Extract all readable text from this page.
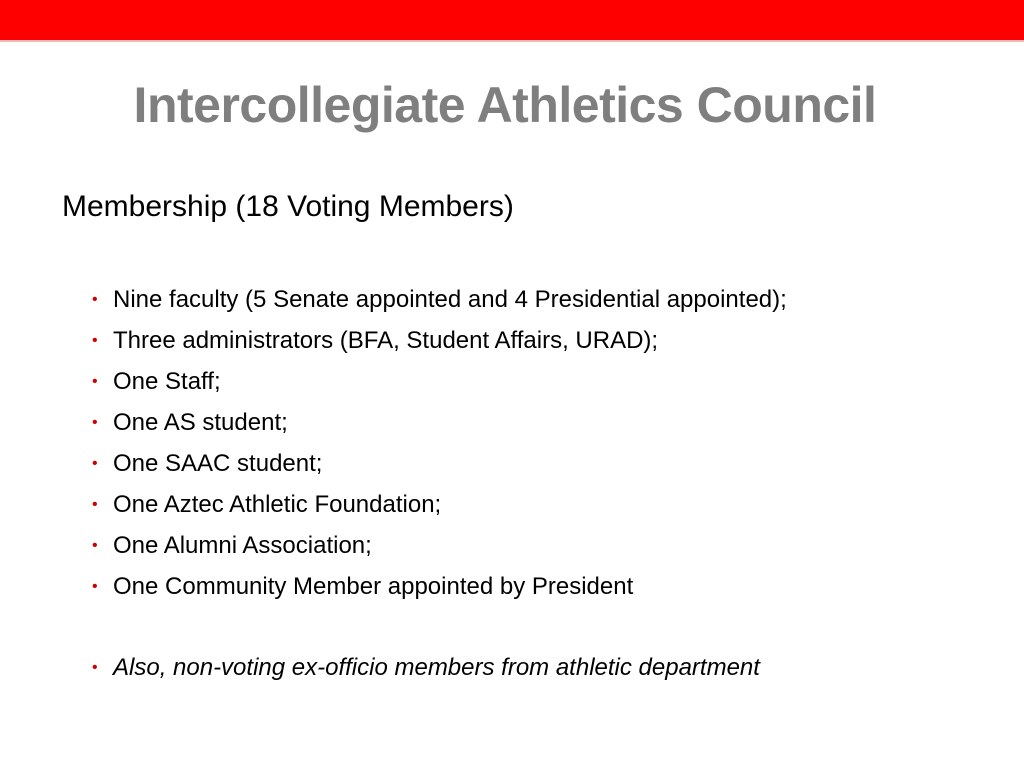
Intercollegiate Athletics Council
Membership (18 Voting Members)
• Nine faculty (5 Senate appointed and 4 Presidential appointed);
• Three administrators (BFA, Student Affairs, URAD);
• One Staff;
• One AS student;
• One SAAC student;
• One Aztec Athletic Foundation;
• One Alumni Association;
• One Community Member appointed by President
• Also, non-voting ex-officio members from athletic department
